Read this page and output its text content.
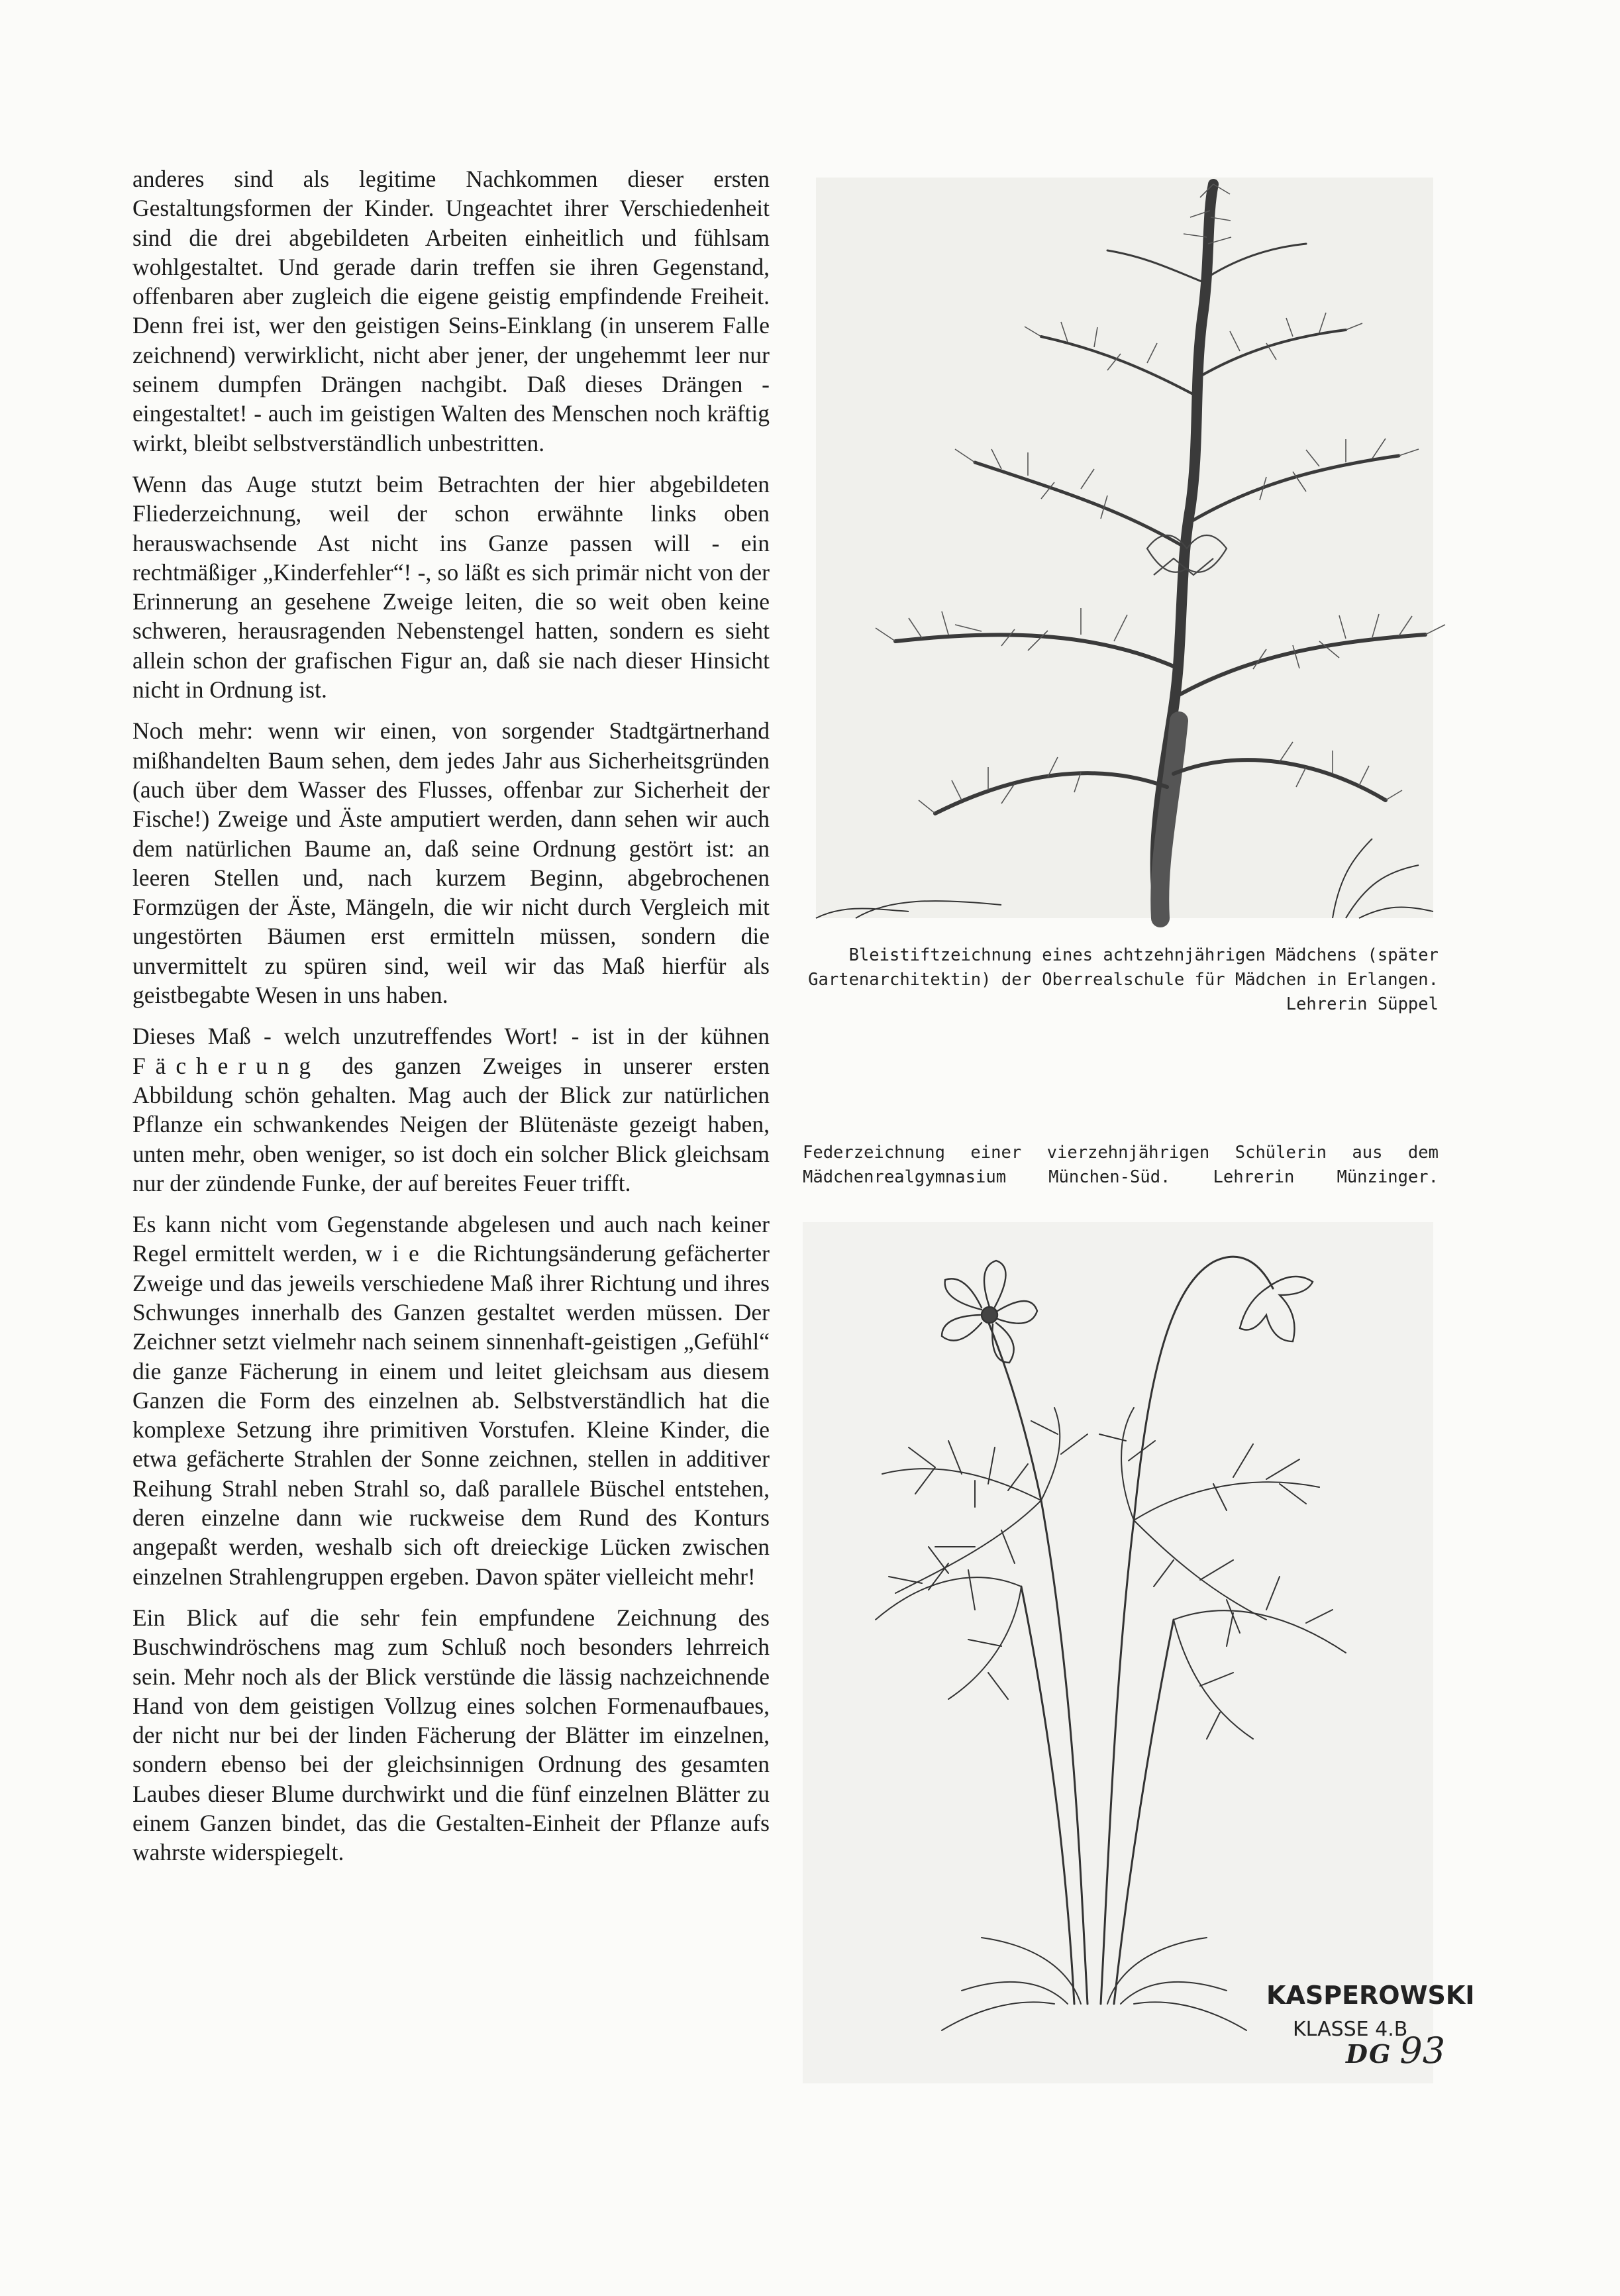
anderes sind als legitime Nachkommen dieser ersten Gestaltungsformen der Kinder. Ungeachtet ihrer Verschiedenheit sind die drei abgebildeten Arbeiten einheitlich und fühlsam wohlgestaltet. Und gerade darin treffen sie ihren Gegenstand, offenbaren aber zugleich die eigene geistig empfindende Freiheit. Denn frei ist, wer den geistigen Seins-Einklang (in unserem Falle zeichnend) verwirklicht, nicht aber jener, der ungehemmt leer nur seinem dumpfen Drängen nachgibt. Daß dieses Drängen - eingestaltet! - auch im geistigen Walten des Menschen noch kräftig wirkt, bleibt selbstverständlich unbestritten.

Wenn das Auge stutzt beim Betrachten der hier abgebildeten Fliederzeichnung, weil der schon erwähnte links oben herauswachsende Ast nicht ins Ganze passen will - ein rechtmäßiger „Kinderfehler“! -, so läßt es sich primär nicht von der Erinnerung an gesehene Zweige leiten, die so weit oben keine schweren, herausragenden Nebenstengel hatten, sondern es sieht allein schon der grafischen Figur an, daß sie nach dieser Hinsicht nicht in Ordnung ist.

Noch mehr: wenn wir einen, von sorgender Stadtgärtnerhand mißhandelten Baum sehen, dem jedes Jahr aus Sicherheitsgründen (auch über dem Wasser des Flusses, offenbar zur Sicherheit der Fische!) Zweige und Äste amputiert werden, dann sehen wir auch dem natürlichen Baume an, daß seine Ordnung gestört ist: an leeren Stellen und, nach kurzem Beginn, abgebrochenen Formzügen der Äste, Mängeln, die wir nicht durch Vergleich mit ungestörten Bäumen erst ermitteln müssen, sondern die unvermittelt zu spüren sind, weil wir das Maß hierfür als geistbegabte Wesen in uns haben.

Dieses Maß - welch unzutreffendes Wort! - ist in der kühnen Fächerung des ganzen Zweiges in unserer ersten Abbildung schön gehalten. Mag auch der Blick zur natürlichen Pflanze ein schwankendes Neigen der Blütenäste gezeigt haben, unten mehr, oben weniger, so ist doch ein solcher Blick gleichsam nur der zündende Funke, der auf bereites Feuer trifft.

Es kann nicht vom Gegenstande abgelesen und auch nach keiner Regel ermittelt werden, wie die Richtungsänderung gefächerter Zweige und das jeweils verschiedene Maß ihrer Richtung und ihres Schwunges innerhalb des Ganzen gestaltet werden müssen. Der Zeichner setzt vielmehr nach seinem sinnenhaft-geistigen „Gefühl“ die ganze Fächerung in einem und leitet gleichsam aus diesem Ganzen die Form des einzelnen ab. Selbstverständlich hat die komplexe Setzung ihre primitiven Vorstufen. Kleine Kinder, die etwa gefächerte Strahlen der Sonne zeichnen, stellen in additiver Reihung Strahl neben Strahl so, daß parallele Büschel entstehen, deren einzelne dann wie ruckweise dem Rund des Konturs angepaßt werden, weshalb sich oft dreieckige Lücken zwischen einzelnen Strahlengruppen ergeben. Davon später vielleicht mehr!

Ein Blick auf die sehr fein empfundene Zeichnung des Buschwindröschens mag zum Schluß noch besonders lehrreich sein. Mehr noch als der Blick verstünde die lässig nachzeichnende Hand von dem geistigen Vollzug eines solchen Formenaufbaues, der nicht nur bei der linden Fächerung der Blätter im einzelnen, sondern ebenso bei der gleichsinnigen Ordnung des gesamten Laubes dieser Blume durchwirkt und die fünf einzelnen Blätter zu einem Ganzen bindet, das die Gestalten-Einheit der Pflanze aufs wahrste widerspiegelt.

Bleistiftzeichnung eines achtzehnjährigen Mädchens (später
Gartenarchitektin) der Oberrealschule für Mädchen in Erlangen.
Lehrerin Süppel
Federzeichnung einer vierzehnjährigen Schülerin aus dem
Mädchenrealgymnasium München-Süd. Lehrerin Münzinger.
KASPEROWSKI
KLASSE 4.B
DG 93
